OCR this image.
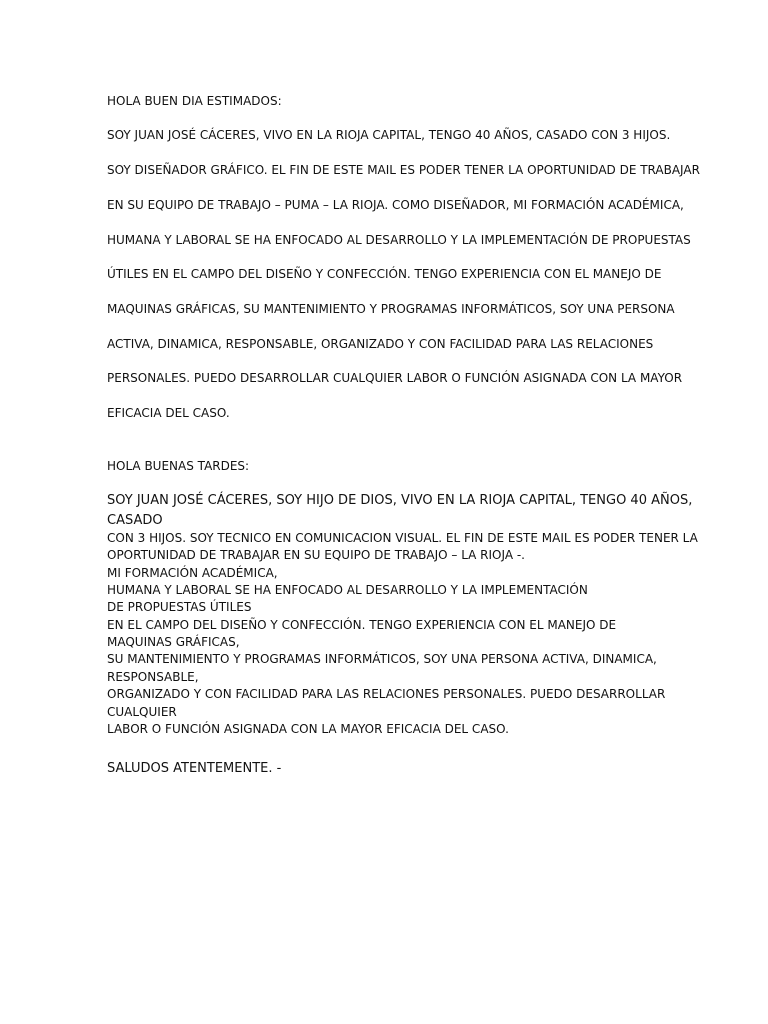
HOLA BUEN DIA ESTIMADOS:

SOY JUAN JOSÉ CÁCERES, VIVO EN LA RIOJA CAPITAL, TENGO 40 AÑOS, CASADO CON 3 HIJOS.

SOY DISEÑADOR GRÁFICO. EL FIN DE ESTE MAIL ES PODER TENER LA OPORTUNIDAD DE TRABAJAR

EN SU EQUIPO DE TRABAJO – PUMA – LA RIOJA. COMO DISEÑADOR, MI FORMACIÓN ACADÉMICA,

HUMANA Y LABORAL SE HA ENFOCADO AL DESARROLLO Y LA IMPLEMENTACIÓN DE PROPUESTAS

ÚTILES EN EL CAMPO DEL DISEÑO Y CONFECCIÓN. TENGO EXPERIENCIA CON EL MANEJO DE

MAQUINAS GRÁFICAS, SU MANTENIMIENTO Y PROGRAMAS INFORMÁTICOS, SOY UNA PERSONA

ACTIVA, DINAMICA, RESPONSABLE, ORGANIZADO Y CON FACILIDAD PARA LAS RELACIONES

PERSONALES. PUEDO DESARROLLAR CUALQUIER LABOR O FUNCIÓN ASIGNADA CON LA MAYOR

EFICACIA DEL CASO.

HOLA BUENAS TARDES:

SOY JUAN JOSÉ CÁCERES, SOY HIJO DE DIOS, VIVO EN LA RIOJA CAPITAL, TENGO 40 AÑOS,

CASADO

CON 3 HIJOS. SOY TECNICO EN COMUNICACION VISUAL. EL FIN DE ESTE MAIL ES PODER TENER LA

OPORTUNIDAD DE TRABAJAR EN SU EQUIPO DE TRABAJO – LA RIOJA -.

MI FORMACIÓN ACADÉMICA,

HUMANA Y LABORAL SE HA ENFOCADO AL DESARROLLO Y LA IMPLEMENTACIÓN

DE PROPUESTAS ÚTILES

EN EL CAMPO DEL DISEÑO Y CONFECCIÓN. TENGO EXPERIENCIA CON EL MANEJO DE

MAQUINAS GRÁFICAS,

SU MANTENIMIENTO Y PROGRAMAS INFORMÁTICOS, SOY UNA PERSONA ACTIVA, DINAMICA,

RESPONSABLE,

ORGANIZADO Y CON FACILIDAD PARA LAS RELACIONES PERSONALES. PUEDO DESARROLLAR

CUALQUIER

LABOR O FUNCIÓN ASIGNADA CON LA MAYOR EFICACIA DEL CASO.

SALUDOS ATENTEMENTE. -
